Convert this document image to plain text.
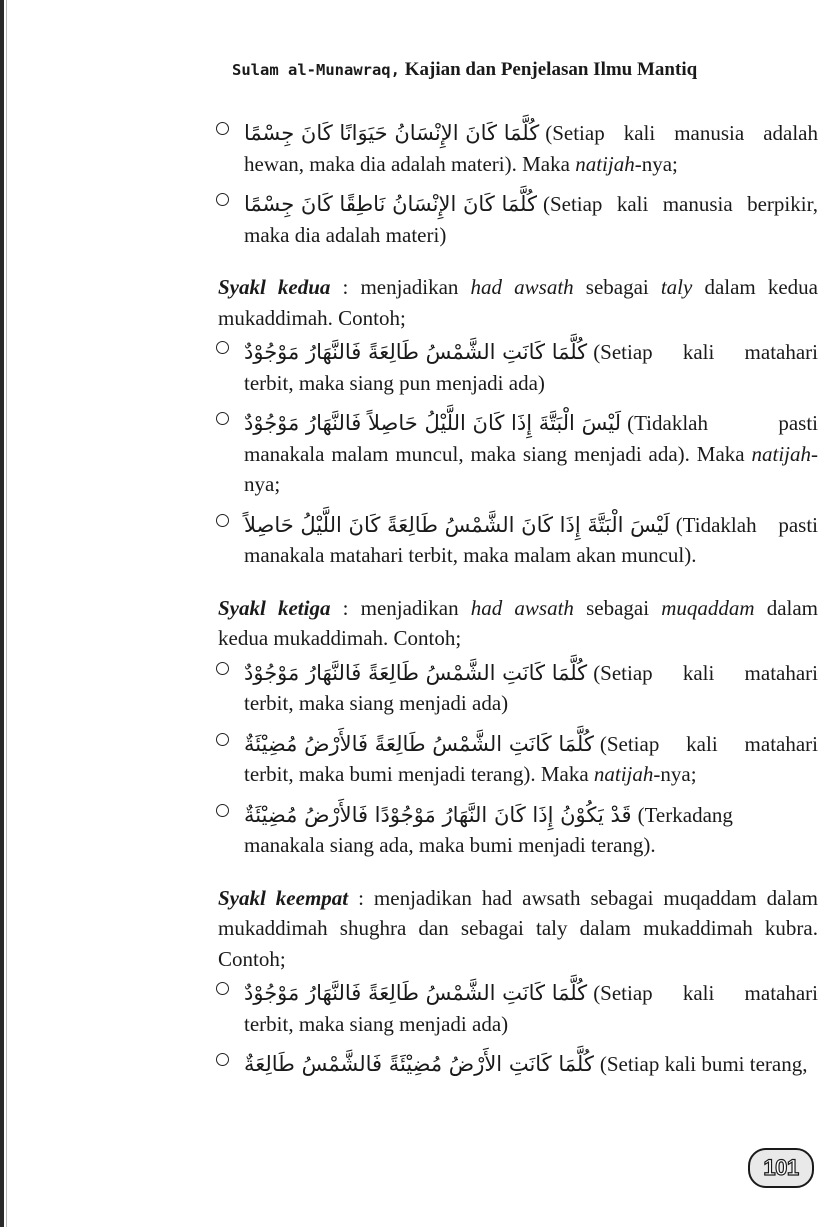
Sulam al-Munawraq, Kajian dan Penjelasan Ilmu Mantiq
كُلَّمَا كَانَ الإِنْسَانُ حَيَوَانًا كَانَ جِسْمًا (Setiap kali manusia adalah hewan, maka dia adalah materi). Maka natijah-nya;
كُلَّمَا كَانَ الإِنْسَانُ نَاطِقًا كَانَ جِسْمًا (Setiap kali manusia berpikir, maka dia adalah materi)
Syakl kedua : menjadikan had awsath sebagai taly dalam kedua mukaddimah. Contoh;
كُلَّمَا كَانَتِ الشَّمْسُ طَالِعَةً فَالنَّهَارُ مَوْجُوْدٌ (Setiap kali matahari terbit, maka siang pun menjadi ada)
لَيْسَ الْبَتَّةَ إِذَا كَانَ اللَّيْلُ حَاصِلاً فَالنَّهَارُ مَوْجُوْدٌ (Tidaklah pasti manakala malam muncul, maka siang menjadi ada). Maka natijah-nya;
لَيْسَ الْبَتَّةَ إِذَا كَانَ الشَّمْسُ طَالِعَةً كَانَ اللَّيْلُ حَاصِلاً (Tidaklah pasti manakala matahari terbit, maka malam akan muncul).
Syakl ketiga : menjadikan had awsath sebagai muqaddam dalam kedua mukaddimah. Contoh;
كُلَّمَا كَانَتِ الشَّمْسُ طَالِعَةً فَالنَّهَارُ مَوْجُوْدٌ (Setiap kali matahari terbit, maka siang menjadi ada)
كُلَّمَا كَانَتِ الشَّمْسُ طَالِعَةً فَالأَرْضُ مُضِيْئَةٌ (Setiap kali matahari terbit, maka bumi menjadi terang). Maka natijah-nya;
قَدْ يَكُوْنُ إِذَا كَانَ النَّهَارُ مَوْجُوْدًا فَالأَرْضُ مُضِيْئَةٌ (Terkadang manakala siang ada, maka bumi menjadi terang).
Syakl keempat : menjadikan had awsath sebagai muqaddam dalam mukaddimah shughra dan sebagai taly dalam mukaddimah kubra. Contoh;
كُلَّمَا كَانَتِ الشَّمْسُ طَالِعَةً فَالنَّهَارُ مَوْجُوْدٌ (Setiap kali matahari terbit, maka siang menjadi ada)
كُلَّمَا كَانَتِ الأَرْضُ مُضِيْئَةً فَالشَّمْسُ طَالِعَةٌ (Setiap kali bumi terang,
101
